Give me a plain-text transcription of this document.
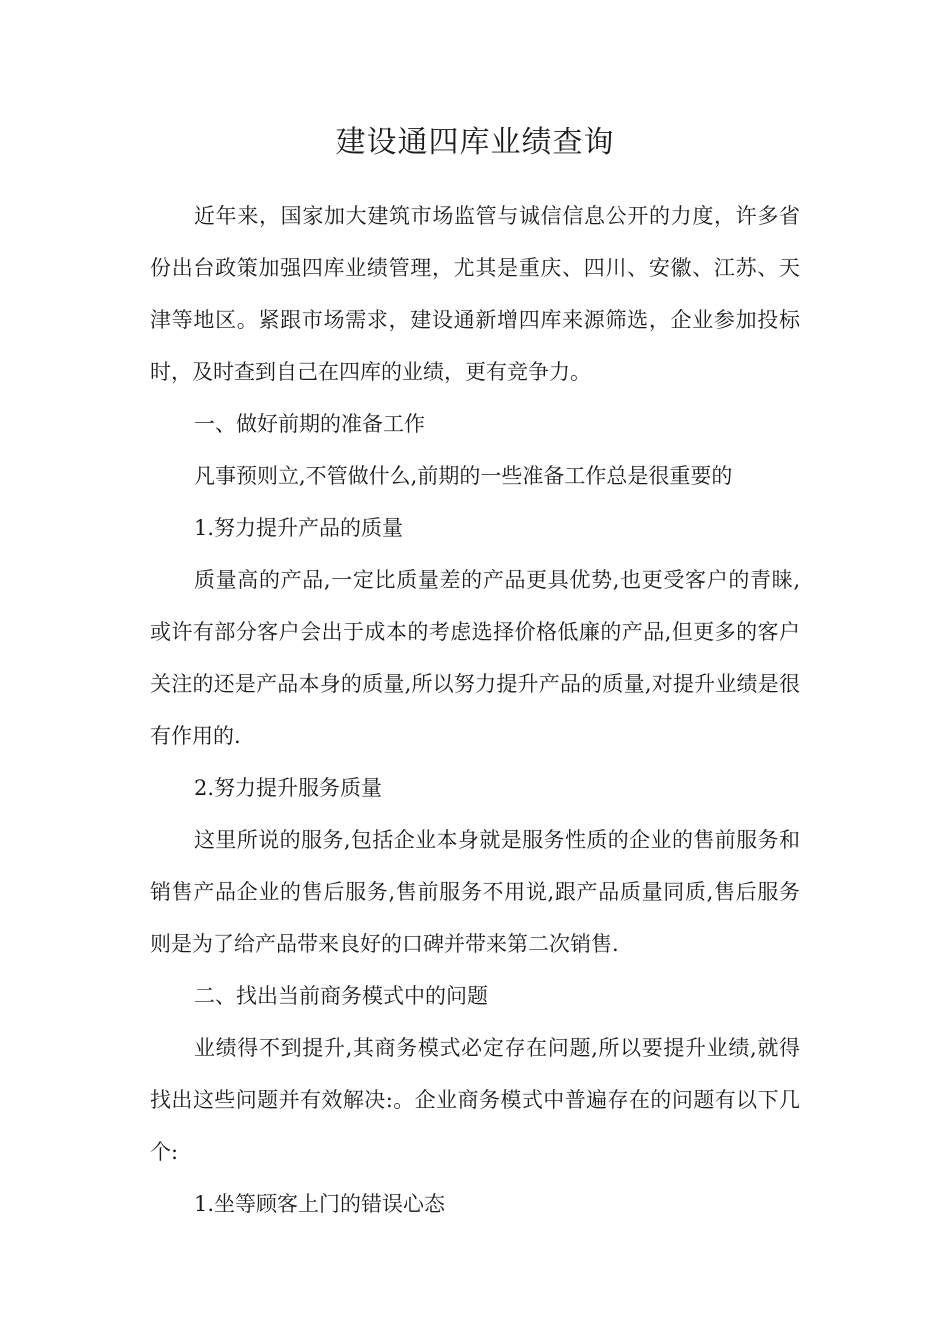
建设通四库业绩查询

近年来，国家加大建筑市场监管与诚信信息公开的力度，许多省份出台政策加强四库业绩管理，尤其是重庆、四川、安徽、江苏、天津等地区。紧跟市场需求，建设通新增四库来源筛选，企业参加投标时，及时查到自己在四库的业绩，更有竞争力。

一、做好前期的准备工作

凡事预则立,不管做什么,前期的一些准备工作总是很重要的

1.努力提升产品的质量

质量高的产品,一定比质量差的产品更具优势,也更受客户的青睐,或许有部分客户会出于成本的考虑选择价格低廉的产品,但更多的客户关注的还是产品本身的质量,所以努力提升产品的质量,对提升业绩是很有作用的.

2.努力提升服务质量

这里所说的服务,包括企业本身就是服务性质的企业的售前服务和销售产品企业的售后服务,售前服务不用说,跟产品质量同质,售后服务则是为了给产品带来良好的口碑并带来第二次销售.

二、找出当前商务模式中的问题

业绩得不到提升,其商务模式必定存在问题,所以要提升业绩,就得找出这些问题并有效解决:。企业商务模式中普遍存在的问题有以下几个:

1.坐等顾客上门的错误心态
